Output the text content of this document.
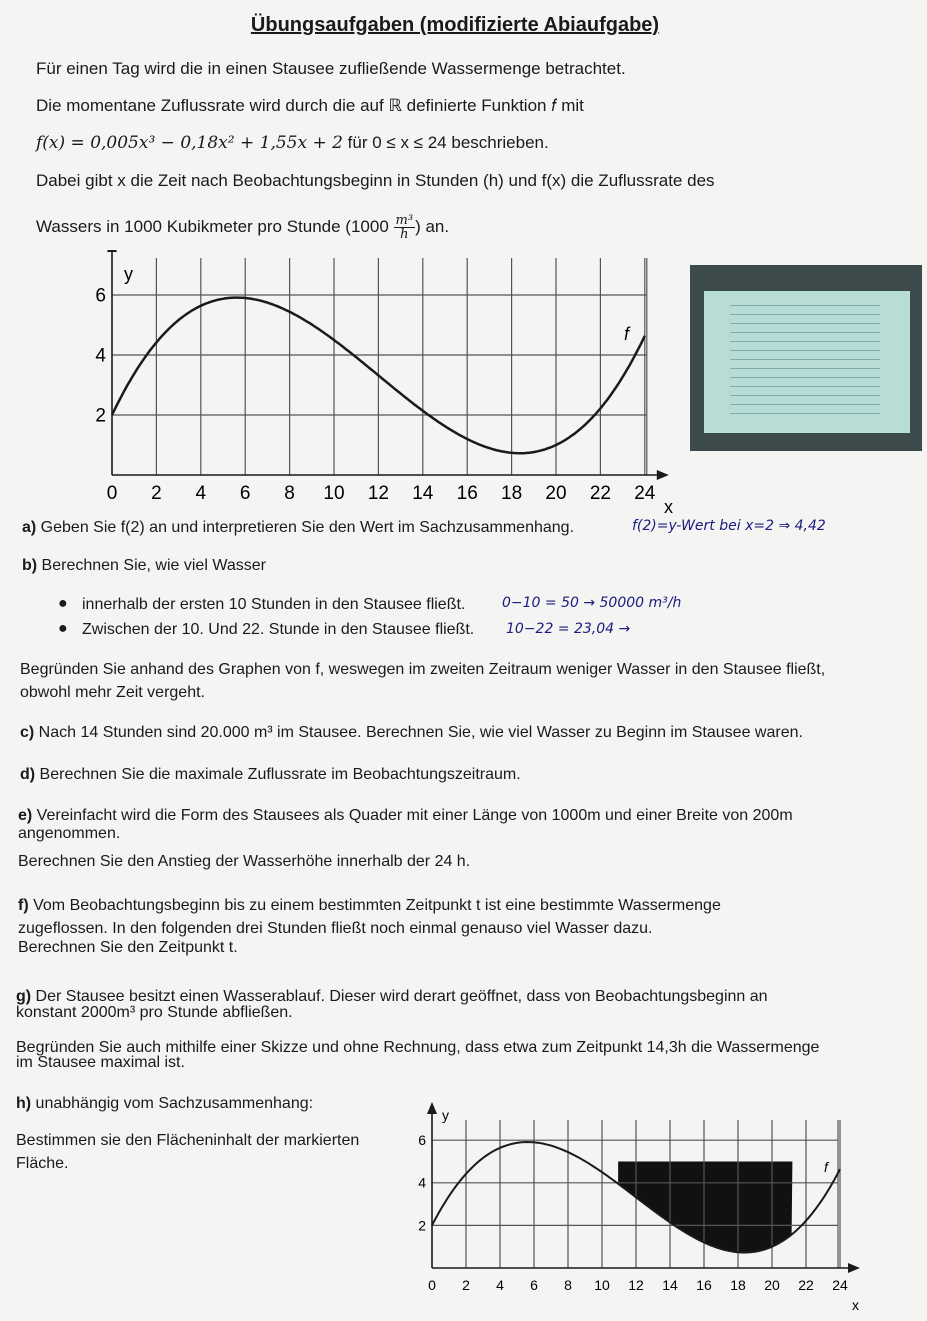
Übungsaufgaben (modifizierte Abiaufgabe)
Für einen Tag wird die in einen Stausee zufließende Wassermenge betrachtet.
Die momentane Zuflussrate wird durch die auf ℝ definierte Funktion 𝑓 mit
f(x) = 0,005x³ − 0,18x² + 1,55x + 2 für 0 ≤ x ≤ 24 beschrieben.
Dabei gibt x die Zeit nach Beobachtungsbeginn in Stunden (h) und f(x) die Zuflussrate des
Wassers in 1000 Kubikmeter pro Stunde ($1000 \frac{\text{m³}}{h}$ ) an.
0 2 4 6 8 10 12 14 16 18 20 22 24
2
4
6
x
y
f
a) Geben Sie f(2) an und interpretieren Sie den Wert im Sachzusammenhang.	f(2)=y-Wert bei x=2 ⇒ 4,42
b) Berechnen Sie, wie viel Wasser
● innerhalb der ersten 10 Stunden in den Stausee fließt.	0−10 = 50 → 50000 m³/h
● Zwischen der 10. Und 22. Stunde in den Stausee fließt. 10−22 = 23,04 →
Begründen Sie anhand des Graphen von f, weswegen im zweiten Zeitraum weniger Wasser in den Stausee fließt,
obwohl mehr Zeit vergeht.
c) Nach 14 Stunden sind 20.000 m³ im Stausee. Berechnen Sie, wie viel Wasser zu Beginn im Stausee waren.
d) Berechnen Sie die maximale Zuflussrate im Beobachtungszeitraum.
e) Vereinfacht wird die Form des Stausees als Quader mit einer Länge von 1000m und einer Breite von 200m
angenommen.
Berechnen Sie den Anstieg der Wasserhöhe innerhalb der 24 h.
f) Vom Beobachtungsbeginn bis zu einem bestimmten Zeitpunkt t ist eine bestimmte Wassermenge
zugeflossen. In den folgenden drei Stunden fließt noch einmal genauso viel Wasser dazu.
Berechnen Sie den Zeitpunkt t.
g) Der Stausee besitzt einen Wasserablauf. Dieser wird derart geöffnet, dass von Beobachtungsbeginn an
konstant 2000m³ pro Stunde abfließen.
Begründen Sie auch mithilfe einer Skizze und ohne Rechnung, dass etwa zum Zeitpunkt 14,3h die Wassermenge
im Stausee maximal ist.
h) unabhängig vom Sachzusammenhang:
Bestimmen sie den Flächeninhalt der markierten
Fläche.
0 2 4 6 8 10 12 14 16 18 20 22 24
2
4
6
x
y
f
